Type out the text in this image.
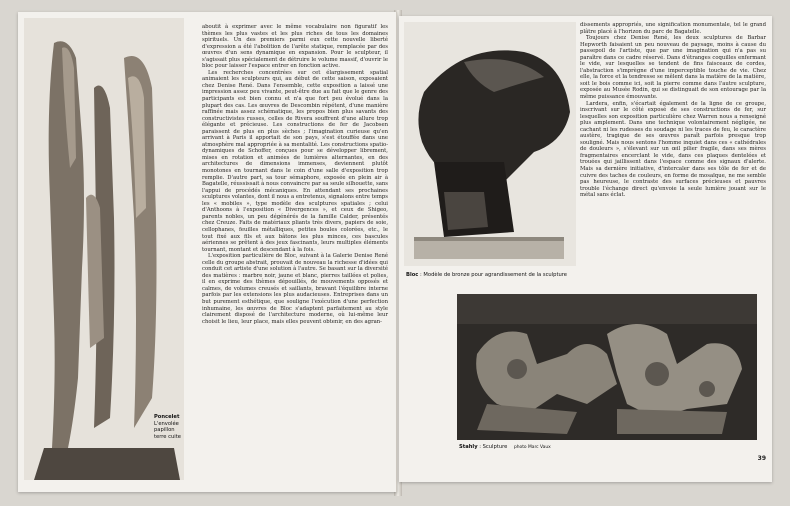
Poncelet
L'envolée papillon
terre cuite

aboutit à exprimer avec le même vocabulaire non figuratif les thèmes les plus vastes et les plus riches de tous les domaines spirituels. Un des premiers parmi eux cette nouvelle liberté d'expression a été l'abolition de l'arête statique, remplacée par des œuvres d'un sens dynamique en expansion. Pour le sculpteur, il s'agissait plus spécialement de détruire le volume massif, d'ouvrir le bloc pour laisser l'espace entrer en fonction active.

Les recherches concentrées sur cet élargissement spatial animaient les sculpteurs qui, au début de cette saison, exposaient chez Denise René. Dans l'ensemble, cette exposition a laissé une impression assez peu vivante, peut-être due au fait que le genre des participants est bien connu et n'a que fort peu évolué dans la plupart des cas. Les œuvres de Descombin répétent, d'une manière raffinée mais assez schématique, les propos bien plus savants des constructivistes russes, celles de Rivera souffrent d'une allure trop élégante et précieuse. Les constructions de fer de Jacobsen paraissent de plus en plus sèches ; l'imagination curieuse qu'en arrivant à Paris il apportait de son pays, s'est étouffée dans une atmosphère mal appropriée à sa mentalité. Les constructions spatio-dynamiques de Schoffer, conçues pour se développer librement, mises en rotation et animées de lumières alternantes, en des architectures de dimensions immenses, deviennent plutôt monotones en tournant dans le coin d'une salle d'exposition trop remplie. D'autre part, sa tour sémaphore, exposée en plein air à Bagatelle, réussissait à nous convaincre par sa seule silhouette, sans l'appui de procédés mécaniques. En attendant ses prochaines sculptures volantes, dont il nous a entretenus, signalons entre temps les « mobiles », type modèle des sculptures spatiales ; celui d'Anthoons à l'exposition « Divergences », et ceux de Shigeo, parents nobles, un peu dégénérés de la famille Calder, présentés chez Creuze. Faits de matériaux pliants très divers, papiers de soie, cellophanes, feuilles métalliques, petites boules colorées, etc., le tout fixé aux fils et aux bâtons les plus minces, ces bascules aériennes se prêtent à des jeux fascinants, leurs multiples éléments tournant, montant et descendant à la fois.

L'exposition particulière de Bloc, suivant à la Galerie Denise René celle du groupe abstrait, prouvait de nouveau la richesse d'idées qui conduit cet artiste d'une solution à l'autre. Se basant sur la diversité des matières : marbre noir, jaune et blanc, pierres taillées et polies, il en exprime des thèmes dépouillés, de mouvements opposés et calmes, de volumes creusés et saillants, bravant l'équilibre interne parfois par les extensions les plus audacieuses. Entreprises dans un but purement esthétique, que souligne l'exécution d'une perfection inhumaine, les œuvres de Bloc s'adaptent parfaitement au style clairement disposé de l'architecture moderne, où lui-même leur choisit le lieu, leur place, mais elles peuvent obtenir, en des agran-

Bloc : Modèle de bronze pour agrandissement de la sculpture

dissements appropriés, une signification monumentale, tel le grand plâtre placé à l'horizon du parc de Bagatelle.

Toujours chez Denise René, les deux sculptures de Barbar Hepworth faisaient un peu nouveau de paysage, moins à cause du passepoil de l'artiste, que par une imagination qui n'a pas su paraître dans ce cadre réservé. Dans d'étranges coquilles enfermant le vide, sur lesquelles se tendent de fins faisceaux de cordes, l'abstraction s'imprègne d'une imperceptible touche de vie. Chez elle, la force et la tendresse se mêlent dans la matière de la matière, soit le bois comme ici, soit la pierre comme dans l'autre sculpture, exposée au Musée Rodin, qui se distinguait de son entourage par la même puissance émouvante.

Lardera, enfin, s'écartait également de la ligne de ce groupe, inscrivant sur le côté exposé de ses constructions de fer, sur lesquelles son exposition particulière chez Warren nous a renseigné plus amplement. Dans une technique volontairement négligée, ne cachant ni les rudesses du soudage ni les traces de feu, le caractère austère, tragique de ses œuvres paraît parfois presque trop souligné. Mais nous sentons l'homme inquiet dans ces « cathédrales de douleurs », s'élevant sur un œil pilier fragile, dans ses mères fragmentaires encerclant le vide, dans ces plaques dentelées et trouées qui jaillissent dans l'espace comme des signaux d'alerte. Mais sa dernière initiative, d'intercaler dans ses tôle de fer et de cuivre des taches de couleurs, en forme de mosaïque, ne me semble pas heureuse, le contraste des surfaces précieuses et pauvres trouble l'échange direct qu'envoie la seule lumière jouant sur le métal sans éclat.

Stahly : Sculpture photo Marc Vaux
39
